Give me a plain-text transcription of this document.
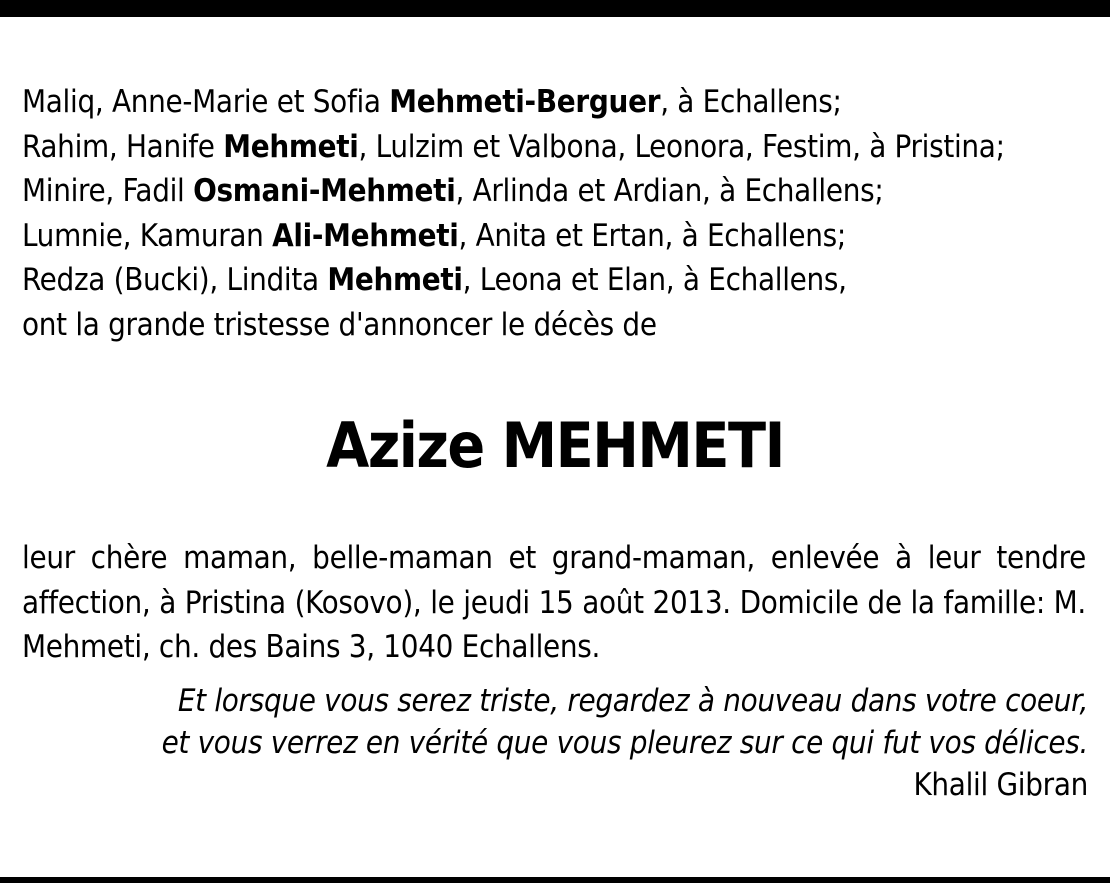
Maliq, Anne-Marie et Sofia Mehmeti-Berguer, à Echallens;
Rahim, Hanife Mehmeti, Lulzim et Valbona, Leonora, Festim, à Pristina;
Minire, Fadil Osmani-Mehmeti, Arlinda et Ardian, à Echallens;
Lumnie, Kamuran Ali-Mehmeti, Anita et Ertan, à Echallens;
Redza (Bucki), Lindita Mehmeti, Leona et Elan, à Echallens,
ont la grande tristesse d'annoncer le décès de
Azize MEHMETI
leur chère maman, belle-maman et grand-maman, enlevée à leur tendre affection, à Pristina (Kosovo), le jeudi 15 août 2013. Domicile de la famille: M. Mehmeti, ch. des Bains 3, 1040 Echallens.
Et lorsque vous serez triste, regardez à nouveau dans votre coeur,
et vous verrez en vérité que vous pleurez sur ce qui fut vos délices.
Khalil Gibran
